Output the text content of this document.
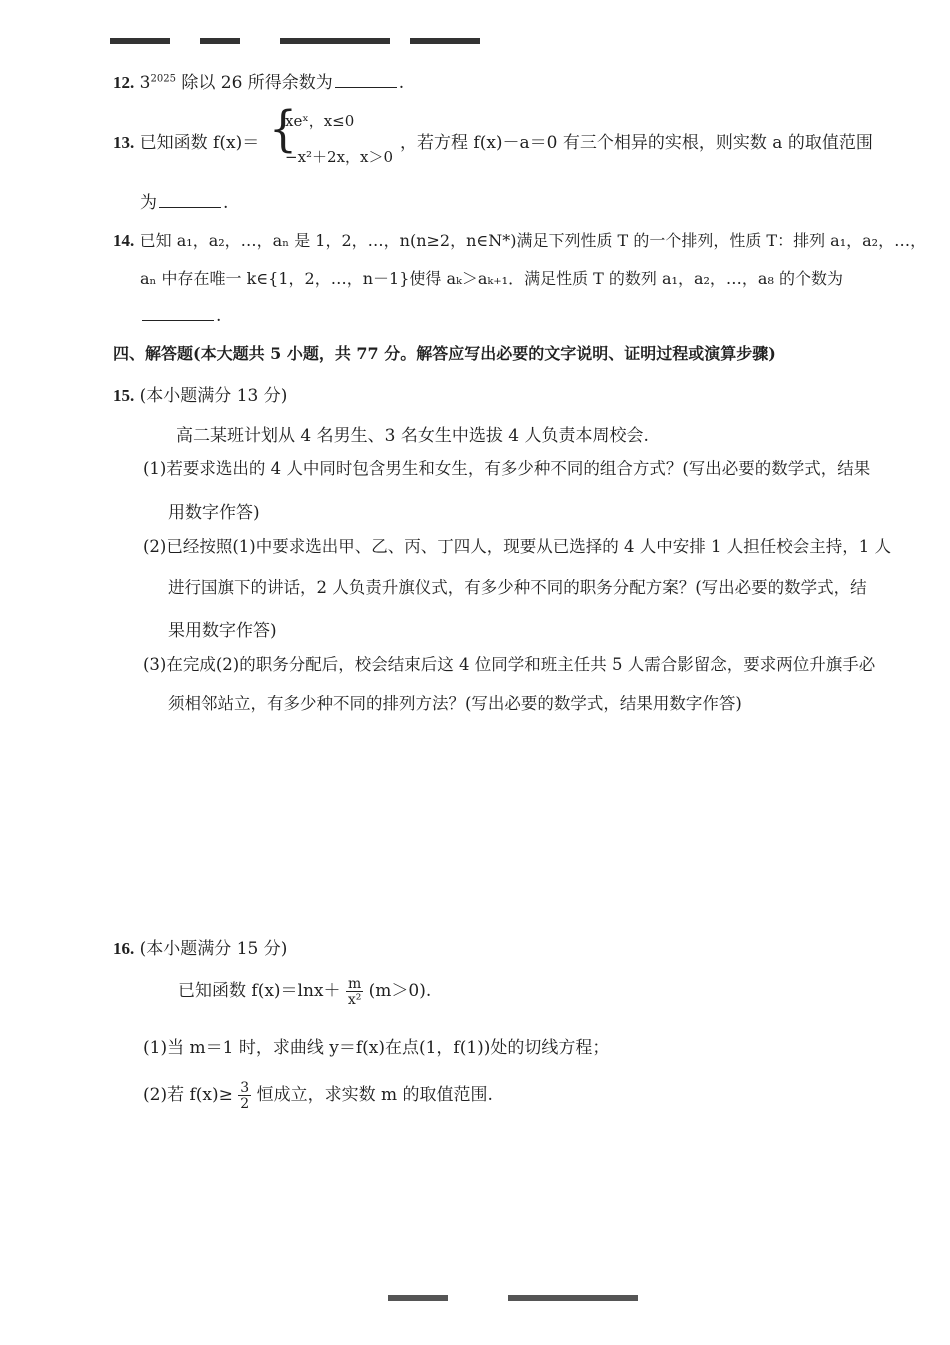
12. $3^{2025}$ 除以 26 所得余数为	.
13. 已知函数 f(x)＝ {
xeˣ，x≤0
−x²＋2x，x＞0
，若方程 f(x)－a＝0 有三个相异的实根，则实数 a 的取值范围
为	.
14. 已知 a₁，a₂，…，aₙ 是 1，2，…，n(n≥2，n∈N*)满足下列性质 T 的一个排列，性质 T：排列 a₁，a₂，…，
aₙ 中存在唯一 k∈{1，2，…，n－1}使得 aₖ＞aₖ₊₁．满足性质 T 的数列 a₁，a₂，…，a₈ 的个数为
.
四、解答题(本大题共 5 小题，共 77 分。解答应写出必要的文字说明、证明过程或演算步骤)
15. (本小题满分 13 分)
高二某班计划从 4 名男生、3 名女生中选拔 4 人负责本周校会.
(1)若要求选出的 4 人中同时包含男生和女生，有多少种不同的组合方式？(写出必要的数学式，结果
用数字作答)
(2)已经按照(1)中要求选出甲、乙、丙、丁四人，现要从已选择的 4 人中安排 1 人担任校会主持，1 人
进行国旗下的讲话，2 人负责升旗仪式，有多少种不同的职务分配方案？(写出必要的数学式，结
果用数字作答)
(3)在完成(2)的职务分配后，校会结束后这 4 位同学和班主任共 5 人需合影留念，要求两位升旗手必
须相邻站立，有多少种不同的排列方法？(写出必要的数学式，结果用数字作答)
16. (本小题满分 15 分)
已知函数 $f(x)=\ln x+ \frac{m}{\text{x²}} (m>0)$.
(1)当 m＝1 时，求曲线 y＝f(x)在点(1，f(1))处的切线方程；
(2)若 $f(x)\ge \frac{3}{2}$ 恒成立，求实数 m 的取值范围.
